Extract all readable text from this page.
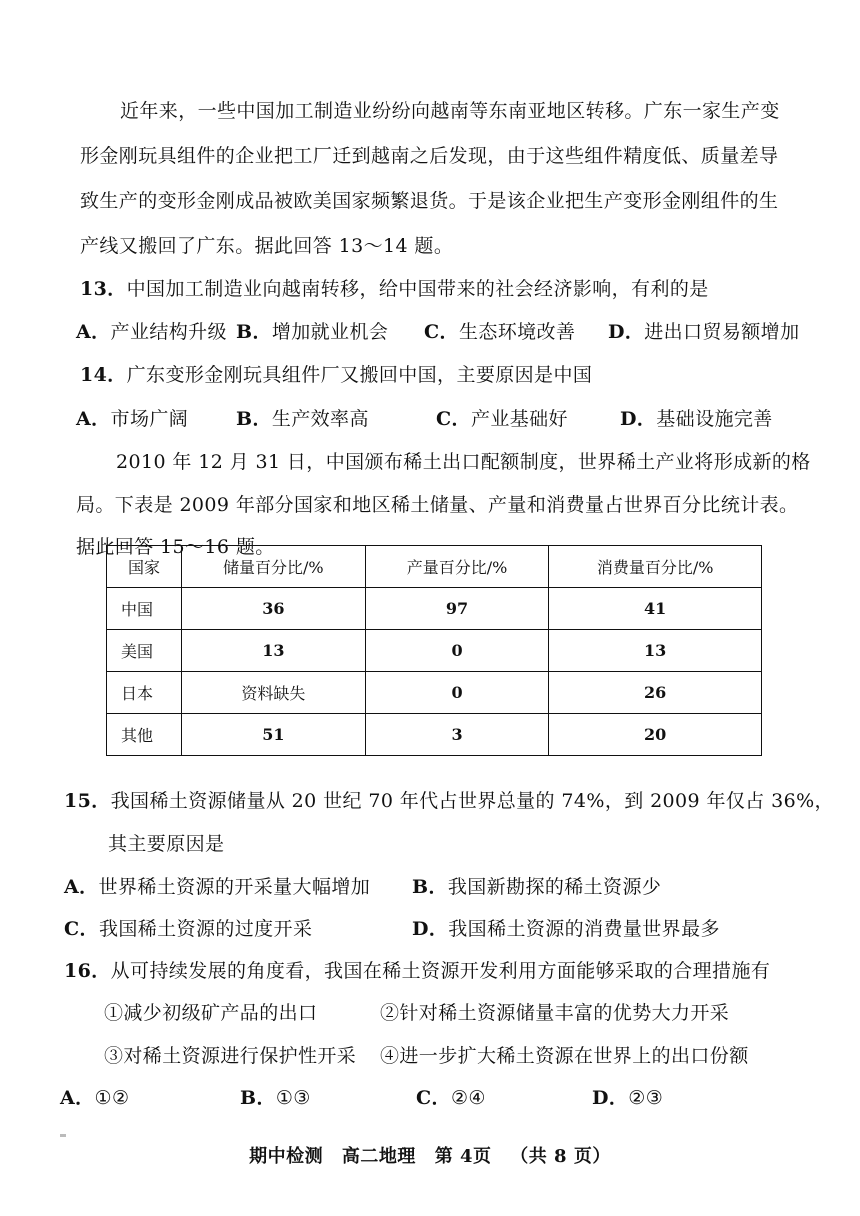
近年来，一些中国加工制造业纷纷向越南等东南亚地区转移。广东一家生产变
形金刚玩具组件的企业把工厂迁到越南之后发现，由于这些组件精度低、质量差导
致生产的变形金刚成品被欧美国家频繁退货。于是该企业把生产变形金刚组件的生
产线又搬回了广东。据此回答 13～14 题。
13．中国加工制造业向越南转移，给中国带来的社会经济影响，有利的是
A．产业结构升级 B．增加就业机会 C．生态环境改善 D．进出口贸易额增加
14．广东变形金刚玩具组件厂又搬回中国，主要原因是中国
A．市场广阔	B．生产效率高	C．产业基础好	D．基础设施完善
2010 年 12 月 31 日，中国颁布稀土出口配额制度，世界稀土产业将形成新的格
局。下表是 2009 年部分国家和地区稀土储量、产量和消费量占世界百分比统计表。
据此回答 15～16 题。
国家	储量百分比/%	产量百分比/%	消费量百分比/%
中国	36	97	41
美国	13	0	13
日本	资料缺失	0	26
其他	51	3	20
15．我国稀土资源储量从 20 世纪 70 年代占世界总量的 74%，到 2009 年仅占 36%，
其主要原因是
A．世界稀土资源的开采量大幅增加 B．我国新勘探的稀土资源少
C．我国稀土资源的过度开采	D．我国稀土资源的消费量世界最多
16．从可持续发展的角度看，我国在稀土资源开发利用方面能够采取的合理措施有
①减少初级矿产品的出口	②针对稀土资源储量丰富的优势大力开采
③对稀土资源进行保护性开采 ④进一步扩大稀土资源在世界上的出口份额
A．①②	B．①③	C．②④	D．②③
期中检测 高二地理 第 4页 （共 8 页）
